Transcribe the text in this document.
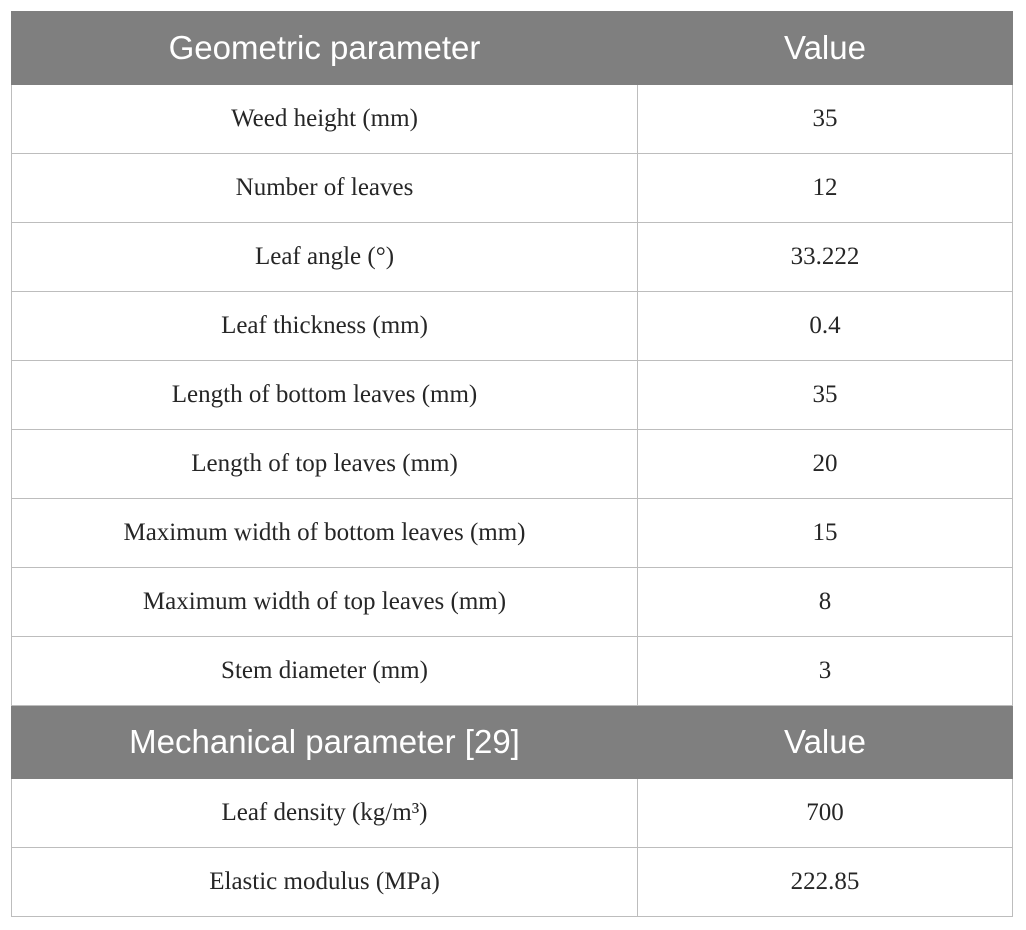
Geometric parameter	Value
Weed height (mm)	35
Number of leaves	12
Leaf angle (°)	33.222
Leaf thickness (mm)	0.4
Length of bottom leaves (mm)	35
Length of top leaves (mm)	20
Maximum width of bottom leaves (mm)	15
Maximum width of top leaves (mm)	8
Stem diameter (mm)	3
Mechanical parameter [29]	Value
Leaf density (kg/m³)	700
Elastic modulus (MPa)	222.85
